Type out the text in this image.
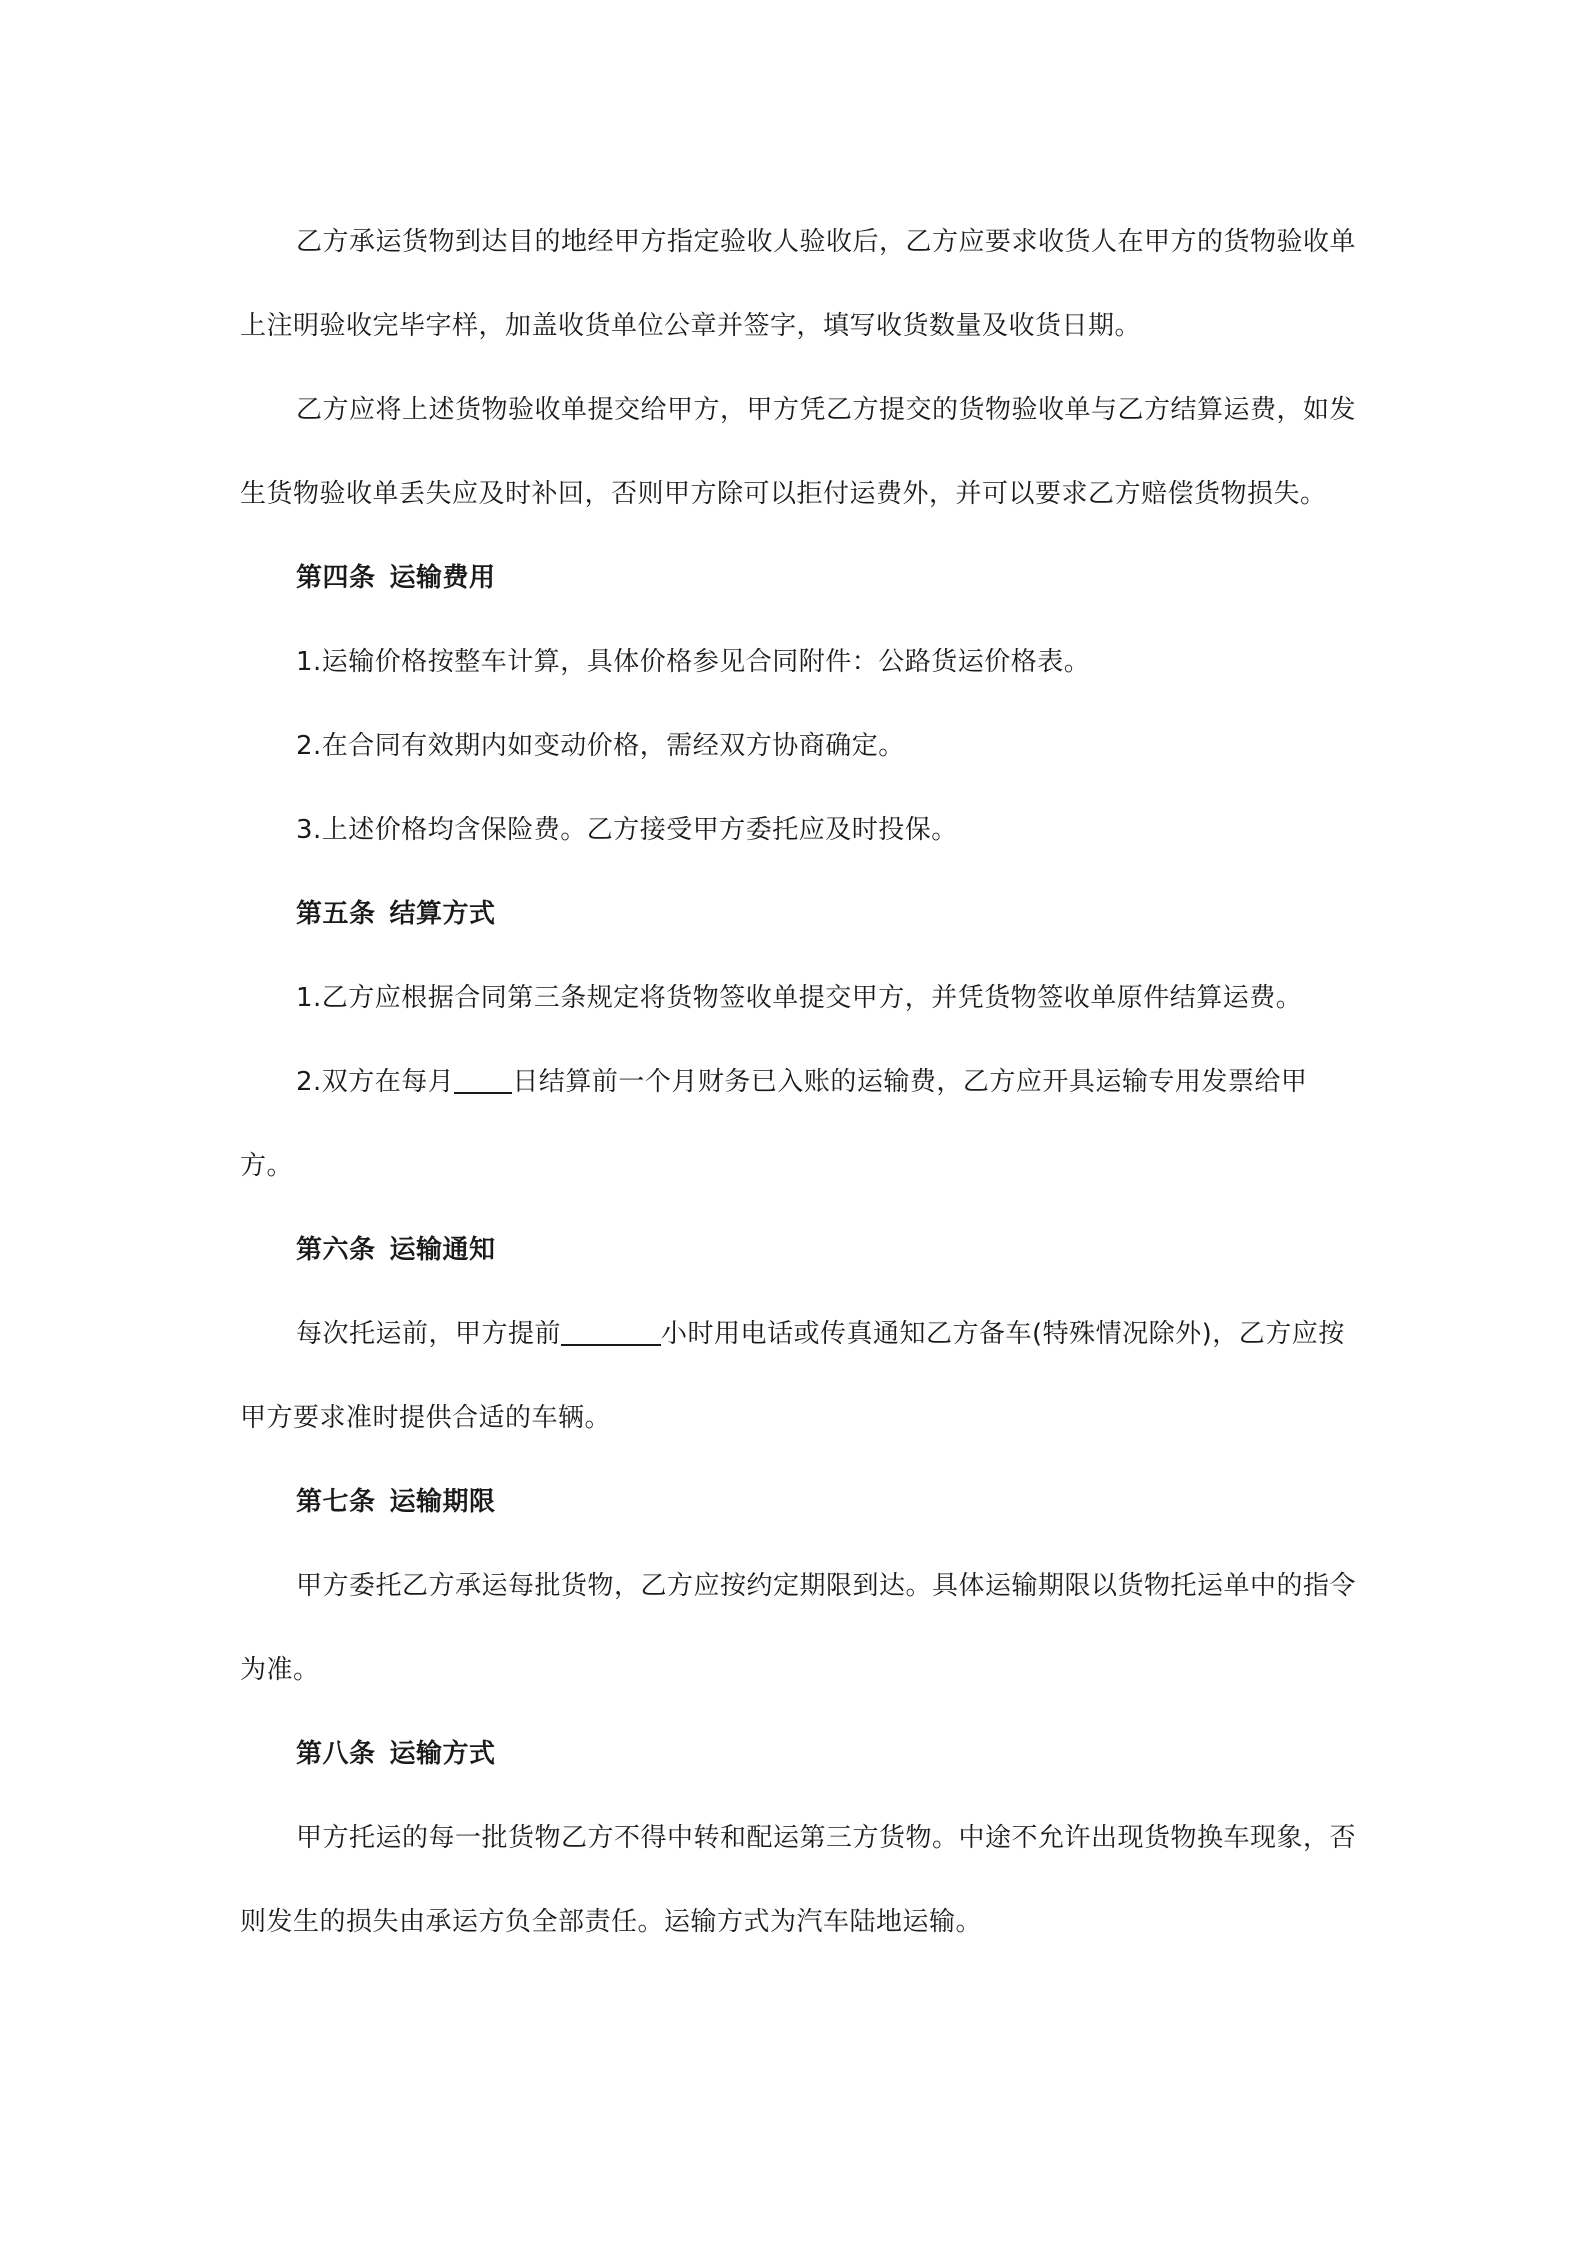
乙方承运货物到达目的地经甲方指定验收人验收后，乙方应要求收货人在甲方的货物验收单上注明验收完毕字样，加盖收货单位公章并签字，填写收货数量及收货日期。

乙方应将上述货物验收单提交给甲方，甲方凭乙方提交的货物验收单与乙方结算运费，如发生货物验收单丢失应及时补回，否则甲方除可以拒付运费外，并可以要求乙方赔偿货物损失。

第四条 运输费用

1.运输价格按整车计算，具体价格参见合同附件：公路货运价格表。

2.在合同有效期内如变动价格，需经双方协商确定。

3.上述价格均含保险费。乙方接受甲方委托应及时投保。

第五条 结算方式

1.乙方应根据合同第三条规定将货物签收单提交甲方，并凭货物签收单原件结算运费。

2.双方在每月 日结算前一个月财务已入账的运输费，乙方应开具运输专用发票给甲方。

第六条 运输通知

每次托运前，甲方提前	小时用电话或传真通知乙方备车(特殊情况除外)，乙方应按甲方要求准时提供合适的车辆。

第七条 运输期限

甲方委托乙方承运每批货物，乙方应按约定期限到达。具体运输期限以货物托运单中的指令为准。

第八条 运输方式

甲方托运的每一批货物乙方不得中转和配运第三方货物。中途不允许出现货物换车现象，否则发生的损失由承运方负全部责任。运输方式为汽车陆地运输。
